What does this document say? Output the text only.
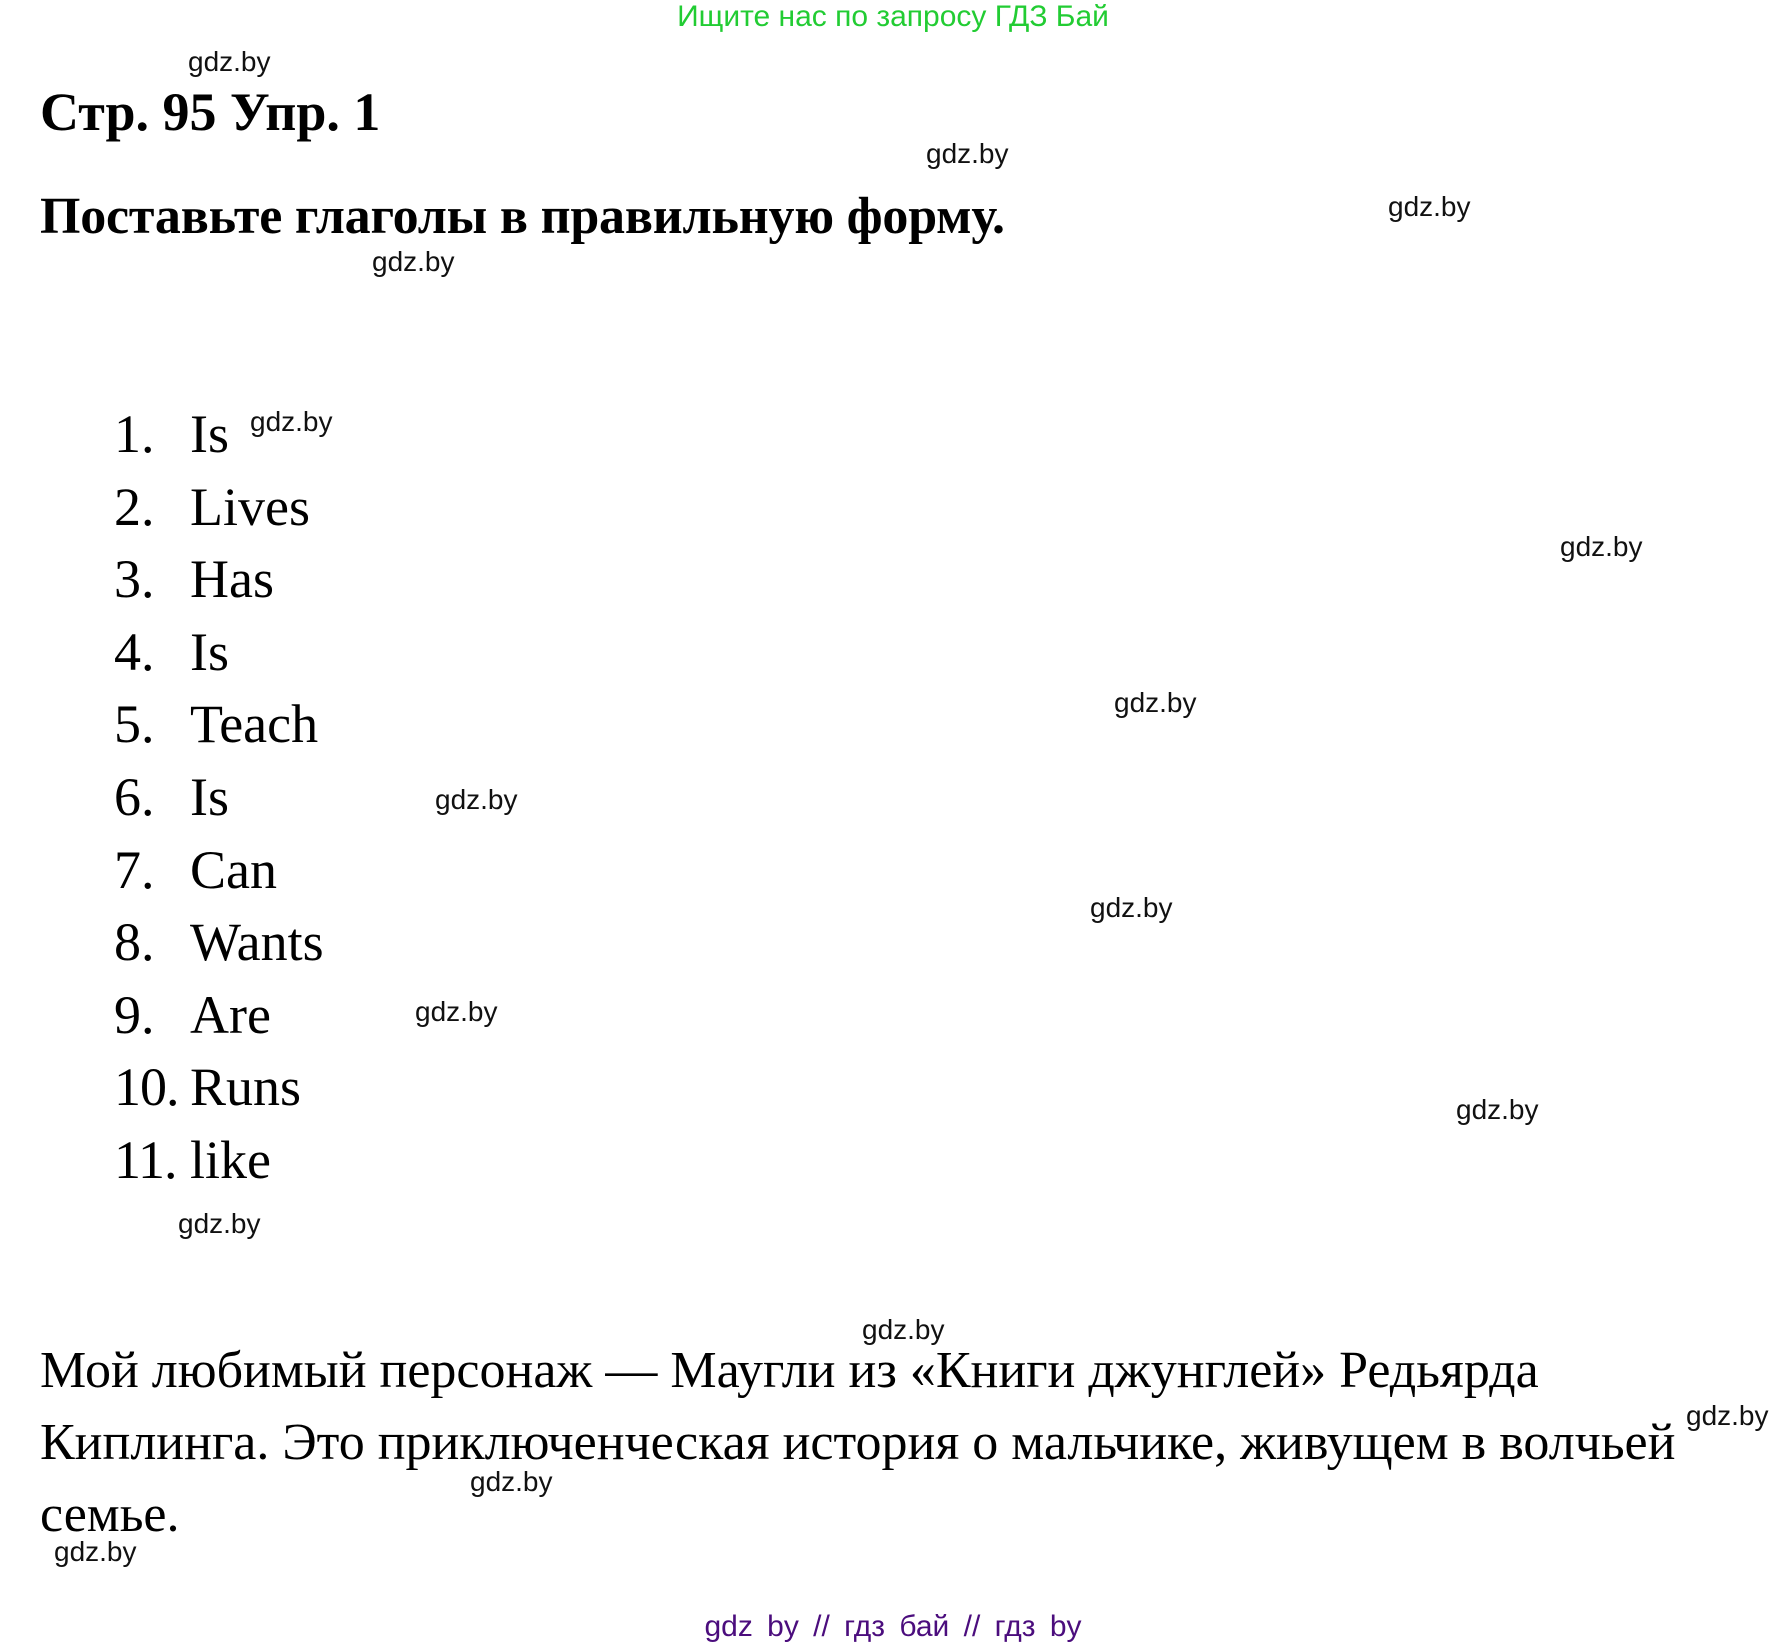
Ищите нас по запросу ГДЗ Бай
Стр. 95 Упр. 1
Поставьте глаголы в правильную форму.
1. Is
2. Lives
3. Has
4. Is
5. Teach
6. Is
7. Can
8. Wants
9. Are
10. Runs
11. like
Мой любимый персонаж — Маугли из «Книги джунглей» Редьярда Киплинга. Это приключенческая история о мальчике, живущем в волчьей семье.
gdz.by
gdz.by
gdz.by
gdz.by
gdz.by
gdz.by
gdz.by
gdz.by
gdz.by
gdz.by
gdz.by
gdz.by
gdz.by
gdz.by
gdz.by
gdz.by
gdz by // гдз бай // гдз by
